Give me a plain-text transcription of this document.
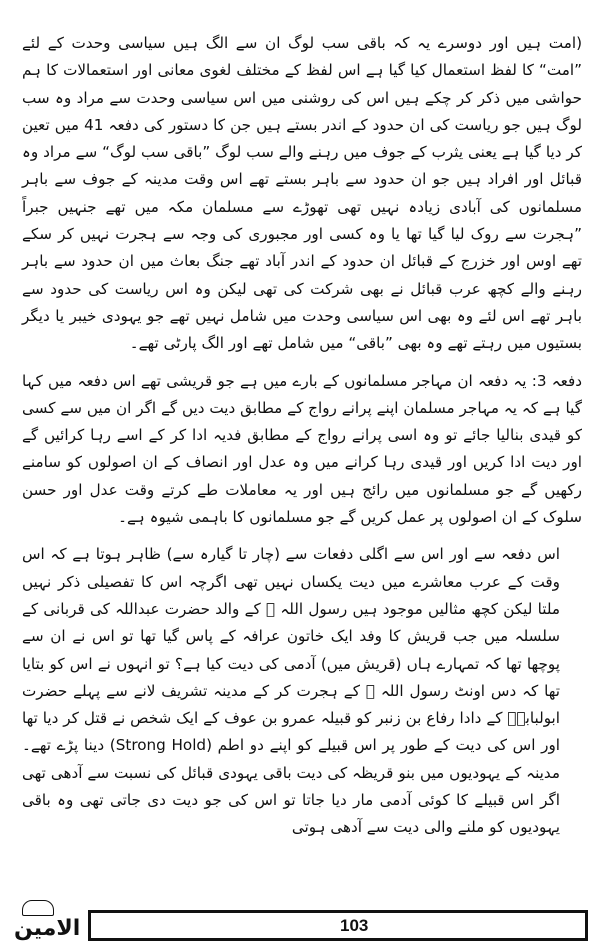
(امت ہیں اور دوسرے یہ کہ باقی سب لوگ ان سے الگ ہیں سیاسی وحدت کے لئے ”امت“ کا لفظ استعمال کیا گیا ہے اس لفظ کے مختلف لغوی معانی اور استعمالات کا ہم حواشی میں ذکر کر چکے ہیں اس کی روشنی میں اس سیاسی وحدت سے مراد وہ سب لوگ ہیں جو ریاست کی ان حدود کے اندر بستے ہیں جن کا دستور کی دفعہ 41 میں تعین کر دیا گیا ہے یعنی یثرب کے جوف میں رہنے والے سب لوگ ”باقی سب لوگ“ سے مراد وہ قبائل اور افراد ہیں جو ان حدود سے باہر بستے تھے اس وقت مدینہ کے جوف سے باہر مسلمانوں کی آبادی زیادہ نہیں تھی تھوڑے سے مسلمان مکہ میں تھے جنہیں جبراً ”ہجرت سے روک لیا گیا تھا یا وہ کسی اور مجبوری کی وجہ سے ہجرت نہیں کر سکے تھے اوس اور خزرج کے قبائل ان حدود کے اندر آباد تھے جنگ بعاث میں ان حدود سے باہر رہنے والے کچھ عرب قبائل نے بھی شرکت کی تھی لیکن وہ اس ریاست کی حدود سے باہر تھے اس لئے وہ بھی اس سیاسی وحدت میں شامل نہیں تھے جو یہودی خیبر یا دیگر بستیوں میں رہتے تھے وہ بھی ”باقی“ میں شامل تھے اور الگ پارٹی تھے۔

دفعہ 3: یہ دفعہ ان مہاجر مسلمانوں کے بارے میں ہے جو قریشی تھے اس دفعہ میں کہا گیا ہے کہ یہ مہاجر مسلمان اپنے پرانے رواج کے مطابق دیت دیں گے اگر ان میں سے کسی کو قیدی بنالیا جائے تو وہ اسی پرانے رواج کے مطابق فدیہ ادا کر کے اسے رہا کرائیں گے اور دیت ادا کریں اور قیدی رہا کرانے میں وہ عدل اور انصاف کے ان اصولوں کو سامنے رکھیں گے جو مسلمانوں میں رائج ہیں اور یہ معاملات طے کرتے وقت عدل اور حسن سلوک کے ان اصولوں پر عمل کریں گے جو مسلمانوں کا باہمی شیوہ ہے۔

اس دفعہ سے اور اس سے اگلی دفعات سے (چار تا گیارہ سے) ظاہر ہوتا ہے کہ اس وقت کے عرب معاشرے میں دیت یکساں نہیں تھی اگرچہ اس کا تفصیلی ذکر نہیں ملتا لیکن کچھ مثالیں موجود ہیں رسول اللہ ﷺ کے والد حضرت عبداللہ کی قربانی کے سلسلہ میں جب قریش کا وفد ایک خاتون عرافہ کے پاس گیا تھا تو اس نے ان سے پوچھا تھا کہ تمہارے ہاں (قریش میں) آدمی کی دیت کیا ہے؟ تو انہوں نے اس کو بتایا تھا کہ دس اونٹ رسول اللہ ﷺ کے ہجرت کر کے مدینہ تشریف لانے سے پہلے حضرت ابولبابہؓ کے دادا رفاع بن زنبر کو قبیلہ عمرو بن عوف کے ایک شخص نے قتل کر دیا تھا اور اس کی دیت کے طور پر اس قبیلے کو اپنے دو اطم (Strong Hold) دینا پڑے تھے۔ مدینہ کے یہودیوں میں بنو قریظہ کی دیت باقی یہودی قبائل کی نسبت سے آدھی تھی اگر اس قبیلے کا کوئی آدمی مار دیا جاتا تو اس کی جو دیت دی جاتی تھی وہ باقی یہودیوں کو ملنے والی دیت سے آدھی ہوتی

الامین	103
